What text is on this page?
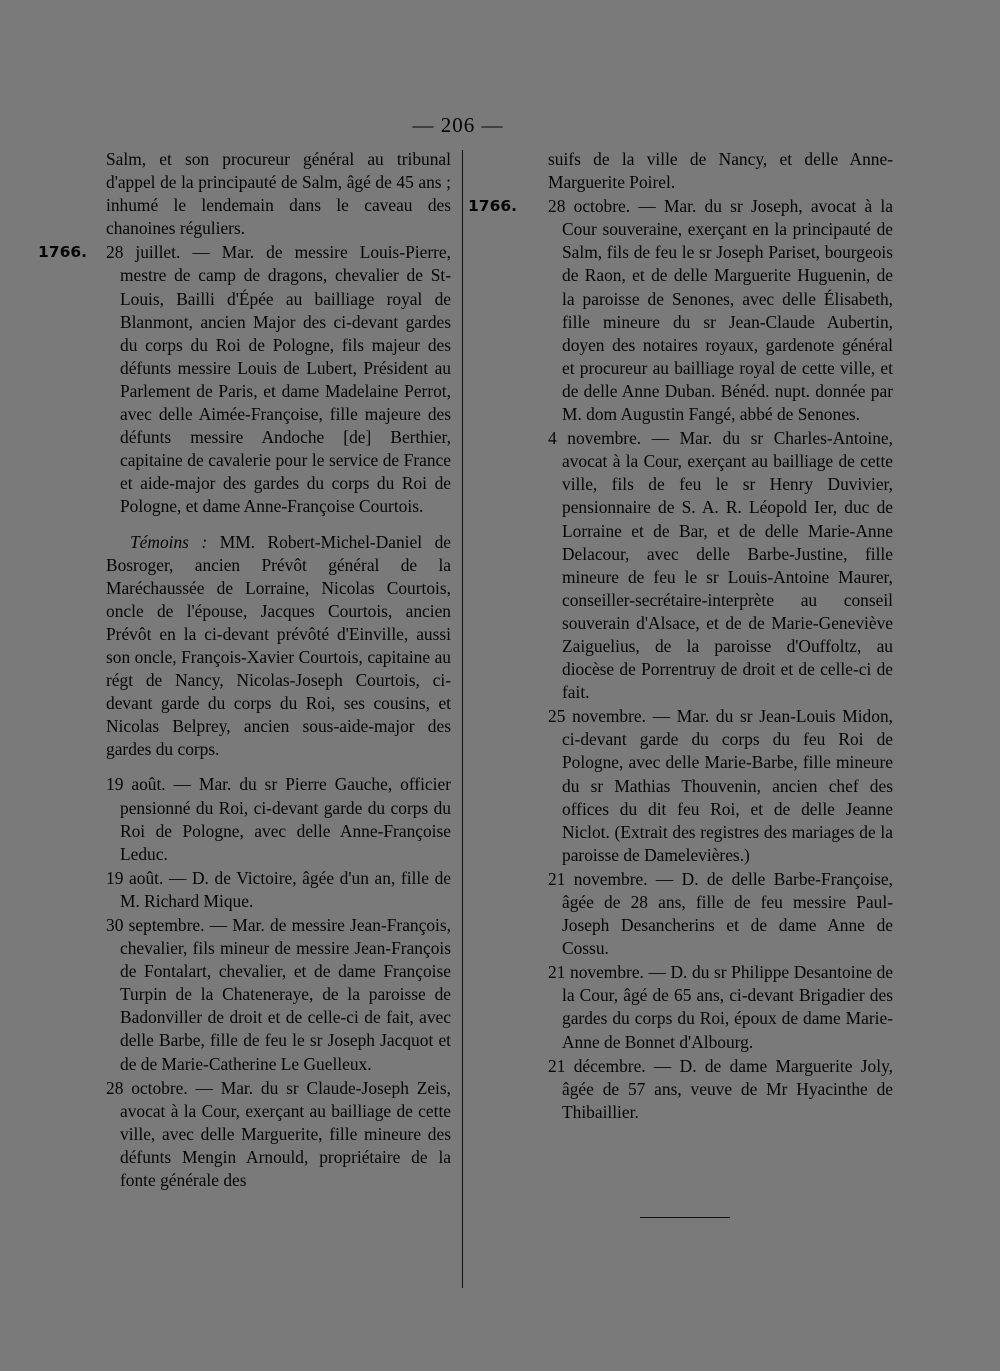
— 206 —

Salm, et son procureur général au tribunal d'appel de la principauté de Salm, âgé de 45 ans ; inhumé le lendemain dans le caveau des chanoines réguliers.

1766. 28 juillet. — Mar. de messire Louis-Pierre, mestre de camp de dragons, chevalier de St-Louis, Bailli d'Épée au bailliage royal de Blanmont, ancien Major des ci-devant gardes du corps du Roi de Pologne, fils majeur des défunts messire Louis de Lubert, Président au Parlement de Paris, et dame Madelaine Perrot, avec delle Aimée-Françoise, fille majeure des défunts messire Andoche [de] Berthier, capitaine de cavalerie pour le service de France et aide-major des gardes du corps du Roi de Pologne, et dame Anne-Françoise Courtois.

Témoins : MM. Robert-Michel-Daniel de Bosroger, ancien Prévôt général de la Maréchaussée de Lorraine, Nicolas Courtois, oncle de l'épouse, Jacques Courtois, ancien Prévôt en la ci-devant prévôté d'Einville, aussi son oncle, François-Xavier Courtois, capitaine au régt de Nancy, Nicolas-Joseph Courtois, ci-devant garde du corps du Roi, ses cousins, et Nicolas Belprey, ancien sous-aide-major des gardes du corps.

19 août. — Mar. du sr Pierre Gauche, officier pensionné du Roi, ci-devant garde du corps du Roi de Pologne, avec delle Anne-Françoise Leduc.

19 août. — D. de Victoire, âgée d'un an, fille de M. Richard Mique.

30 septembre. — Mar. de messire Jean-François, chevalier, fils mineur de messire Jean-François de Fontalart, chevalier, et de dame Françoise Turpin de la Chateneraye, de la paroisse de Badonviller de droit et de celle-ci de fait, avec delle Barbe, fille de feu le sr Joseph Jacquot et de de Marie-Catherine Le Guelleux.

28 octobre. — Mar. du sr Claude-Joseph Zeis, avocat à la Cour, exerçant au bailliage de cette ville, avec delle Marguerite, fille mineure des défunts Mengin Arnould, propriétaire de la fonte générale des

suifs de la ville de Nancy, et delle Anne-Marguerite Poirel.

1766. 28 octobre. — Mar. du sr Joseph, avocat à la Cour souveraine, exerçant en la principauté de Salm, fils de feu le sr Joseph Pariset, bourgeois de Raon, et de delle Marguerite Huguenin, de la paroisse de Senones, avec delle Élisabeth, fille mineure du sr Jean-Claude Aubertin, doyen des notaires royaux, gardenote général et procureur au bailliage royal de cette ville, et de delle Anne Duban. Bénéd. nupt. donnée par M. dom Augustin Fangé, abbé de Senones.

4 novembre. — Mar. du sr Charles-Antoine, avocat à la Cour, exerçant au bailliage de cette ville, fils de feu le sr Henry Duvivier, pensionnaire de S. A. R. Léopold Ier, duc de Lorraine et de Bar, et de delle Marie-Anne Delacour, avec delle Barbe-Justine, fille mineure de feu le sr Louis-Antoine Maurer, conseiller-secrétaire-interprète au conseil souverain d'Alsace, et de de Marie-Geneviève Zaiguelius, de la paroisse d'Ouffoltz, au diocèse de Porrentruy de droit et de celle-ci de fait.

25 novembre. — Mar. du sr Jean-Louis Midon, ci-devant garde du corps du feu Roi de Pologne, avec delle Marie-Barbe, fille mineure du sr Mathias Thouvenin, ancien chef des offices du dit feu Roi, et de delle Jeanne Niclot. (Extrait des registres des mariages de la paroisse de Damelevières.)

21 novembre. — D. de delle Barbe-Françoise, âgée de 28 ans, fille de feu messire Paul-Joseph Desancherins et de dame Anne de Cossu.

21 novembre. — D. du sr Philippe Desantoine de la Cour, âgé de 65 ans, ci-devant Brigadier des gardes du corps du Roi, époux de dame Marie-Anne de Bonnet d'Albourg.

21 décembre. — D. de dame Marguerite Joly, âgée de 57 ans, veuve de Mr Hyacinthe de Thibaillier.
